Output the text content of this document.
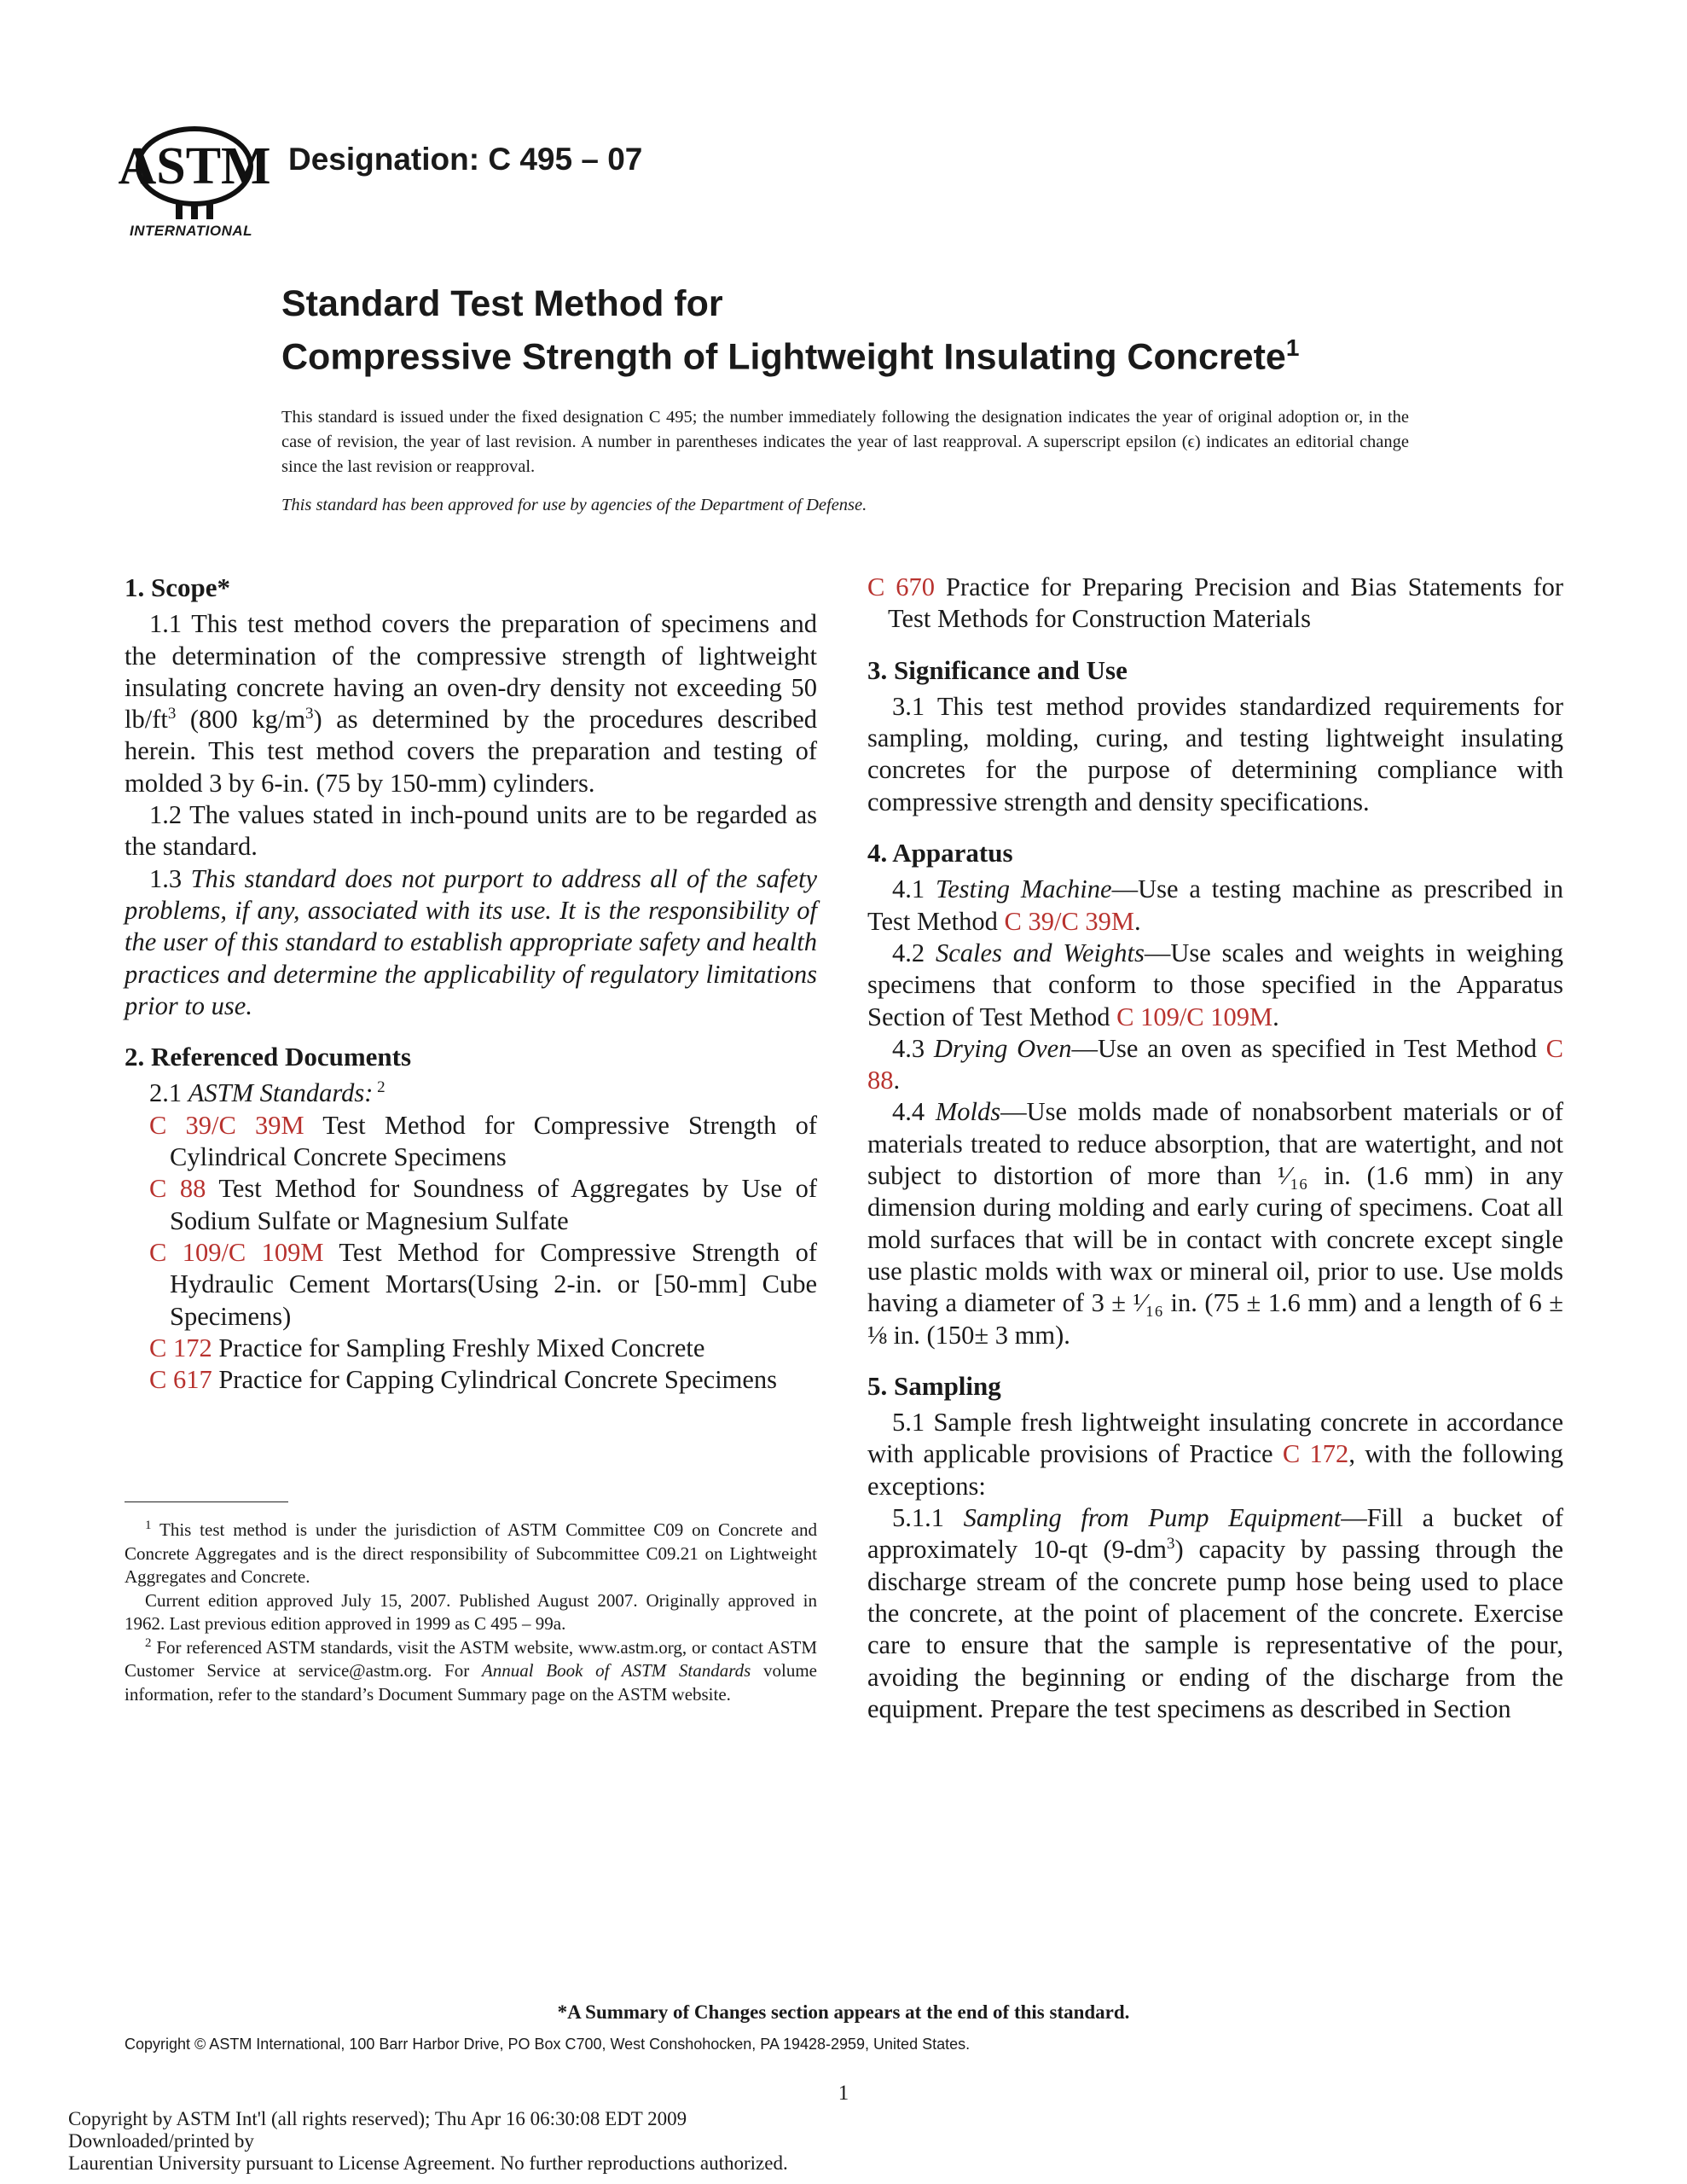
ASTM
INTERNATIONAL
Designation: C 495 – 07
Standard Test Method for
Compressive Strength of Lightweight Insulating Concrete$^1$
This standard is issued under the fixed designation C 495; the number immediately following the designation indicates the year of original adoption or, in the case of revision, the year of last revision. A number in parentheses indicates the year of last reapproval. A superscript epsilon (ϵ) indicates an editorial change since the last revision or reapproval.
This standard has been approved for use by agencies of the Department of Defense.
1. Scope*

1.1 This test method covers the preparation of specimens and the determination of the compressive strength of lightweight insulating concrete having an oven-dry density not exceeding 50 $lb/ft^3$ (800 $kg/m^3$) as determined by the procedures described herein. This test method covers the preparation and testing of molded 3 by 6-in. (75 by 150-mm) cylinders.

1.2 The values stated in inch-pound units are to be regarded as the standard.

1.3 This standard does not purport to address all of the safety problems, if any, associated with its use. It is the responsibility of the user of this standard to establish appropriate safety and health practices and determine the applicability of regulatory limitations prior to use.

2. Referenced Documents

2.1 ASTM Standards: $^2$

C 39/C 39M Test Method for Compressive Strength of Cylindrical Concrete Specimens

C 88 Test Method for Soundness of Aggregates by Use of Sodium Sulfate or Magnesium Sulfate

C 109/C 109M Test Method for Compressive Strength of Hydraulic Cement Mortars(Using 2-in. or [50-mm] Cube Specimens)

C 172 Practice for Sampling Freshly Mixed Concrete

C 617 Practice for Capping Cylindrical Concrete Specimens

$^1$ This test method is under the jurisdiction of ASTM Committee C09 on Concrete and Concrete Aggregates and is the direct responsibility of Subcommittee C09.21 on Lightweight Aggregates and Concrete.

Current edition approved July 15, 2007. Published August 2007. Originally approved in 1962. Last previous edition approved in 1999 as C 495 – 99a.

$^2$ For referenced ASTM standards, visit the ASTM website, www.astm.org, or contact ASTM Customer Service at service@astm.org. For Annual Book of ASTM Standards volume information, refer to the standard’s Document Summary page on the ASTM website.

C 670 Practice for Preparing Precision and Bias Statements for Test Methods for Construction Materials

3. Significance and Use

3.1 This test method provides standardized requirements for sampling, molding, curing, and testing lightweight insulating concretes for the purpose of determining compliance with compressive strength and density specifications.

4. Apparatus

4.1 Testing Machine—Use a testing machine as prescribed in Test Method C 39/C 39M.

4.2 Scales and Weights—Use scales and weights in weighing specimens that conform to those specified in the Apparatus Section of Test Method C 109/C 109M.

4.3 Drying Oven—Use an oven as specified in Test Method C 88.

4.4 Molds—Use molds made of nonabsorbent materials or of materials treated to reduce absorption, that are watertight, and not subject to distortion of more than ¹⁄₁₆ in. (1.6 mm) in any dimension during molding and early curing of specimens. Coat all mold surfaces that will be in contact with concrete except single use plastic molds with wax or mineral oil, prior to use. Use molds having a diameter of 3 ± ¹⁄₁₆ in. (75 ± 1.6 mm) and a length of 6 ± ⅛ in. (150± 3 mm).

5. Sampling

5.1 Sample fresh lightweight insulating concrete in accordance with applicable provisions of Practice C 172, with the following exceptions:

5.1.1 Sampling from Pump Equipment—Fill a bucket of approximately 10-qt $(9-dm^3)$ capacity by passing through the discharge stream of the concrete pump hose being used to place the concrete, at the point of placement of the concrete. Exercise care to ensure that the sample is representative of the pour, avoiding the beginning or ending of the discharge from the equipment. Prepare the test specimens as described in Section

*A Summary of Changes section appears at the end of this standard.
Copyright © ASTM International, 100 Barr Harbor Drive, PO Box C700, West Conshohocken, PA 19428-2959, United States.
1
Copyright by ASTM Int'l (all rights reserved); Thu Apr 16 06:30:08 EDT 2009
Downloaded/printed by
Laurentian University pursuant to License Agreement. No further reproductions authorized.
